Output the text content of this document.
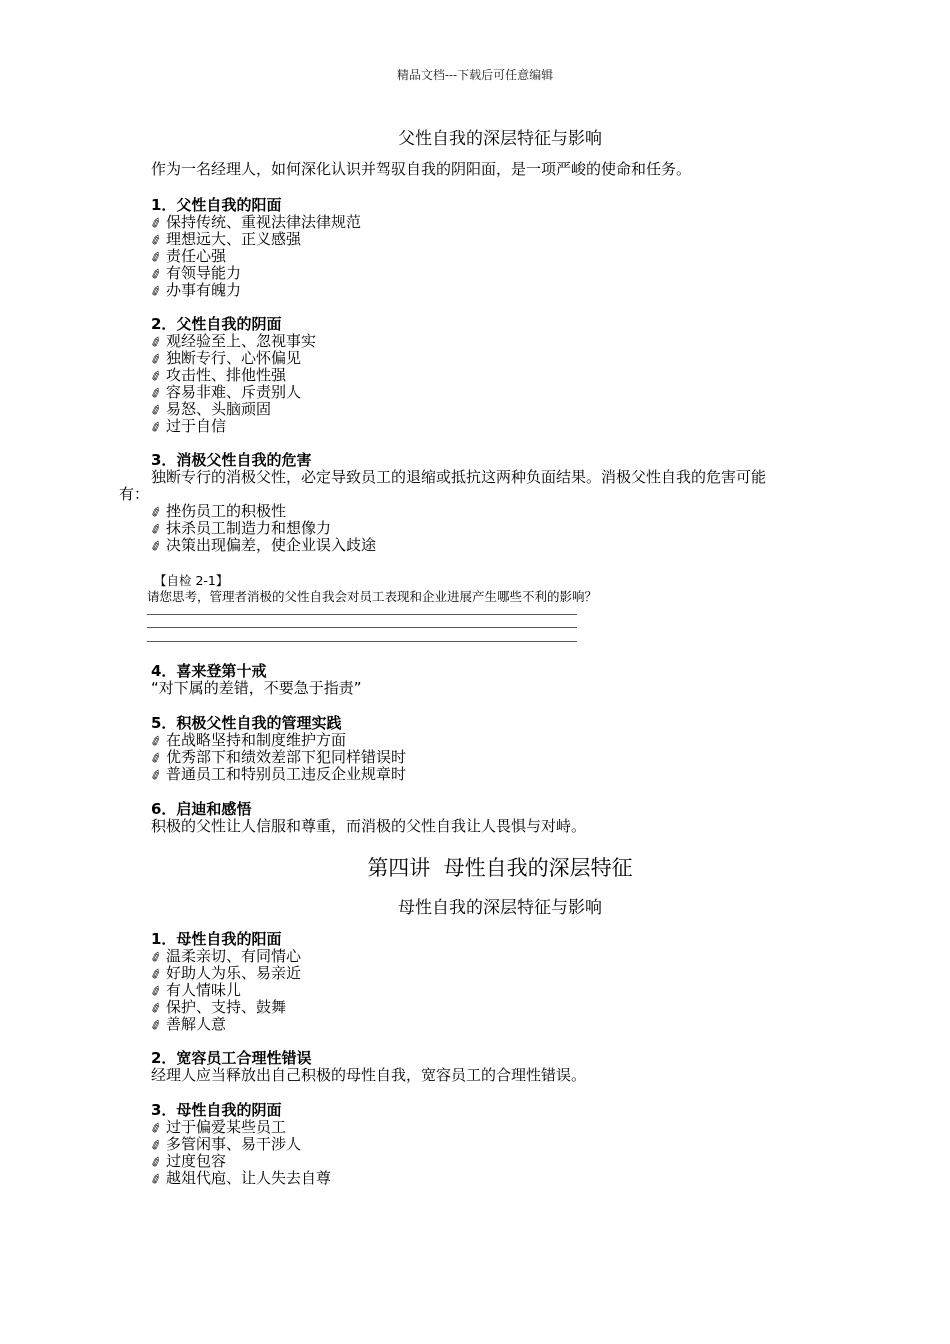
精品文档---下载后可任意编辑
父性自我的深层特征与影响
作为一名经理人，如何深化认识并驾驭自我的阴阳面，是一项严峻的使命和任务。
1．父性自我的阳面
✐ 保持传统、重视法律法律规范
✐ 理想远大、正义感强
✐ 责任心强
✐ 有领导能力
✐ 办事有魄力
2．父性自我的阴面
✐ 观经验至上、忽视事实
✐ 独断专行、心怀偏见
✐ 攻击性、排他性强
✐ 容易非难、斥责别人
✐ 易怒、头脑顽固
✐ 过于自信
3．消极父性自我的危害
独断专行的消极父性，必定导致员工的退缩或抵抗这两种负面结果。消极父性自我的危害可能
有：
✐ 挫伤员工的积极性
✐ 抹杀员工制造力和想像力
✐ 决策出现偏差，使企业误入歧途
【自检 2-1】
请您思考，管理者消极的父性自我会对员工表现和企业进展产生哪些不利的影响？
4．喜来登第十戒
“对下属的差错，不要急于指责”
5．积极父性自我的管理实践
✐ 在战略坚持和制度维护方面
✐ 优秀部下和绩效差部下犯同样错误时
✐ 普通员工和特别员工违反企业规章时
6．启迪和感悟
积极的父性让人信服和尊重，而消极的父性自我让人畏惧与对峙。
第四讲  母性自我的深层特征
母性自我的深层特征与影响
1．母性自我的阳面
✐ 温柔亲切、有同情心
✐ 好助人为乐、易亲近
✐ 有人情味儿
✐ 保护、支持、鼓舞
✐ 善解人意
2．宽容员工合理性错误
经理人应当释放出自己积极的母性自我，宽容员工的合理性错误。
3．母性自我的阴面
✐ 过于偏爱某些员工
✐ 多管闲事、易干涉人
✐ 过度包容
✐ 越俎代庖、让人失去自尊
